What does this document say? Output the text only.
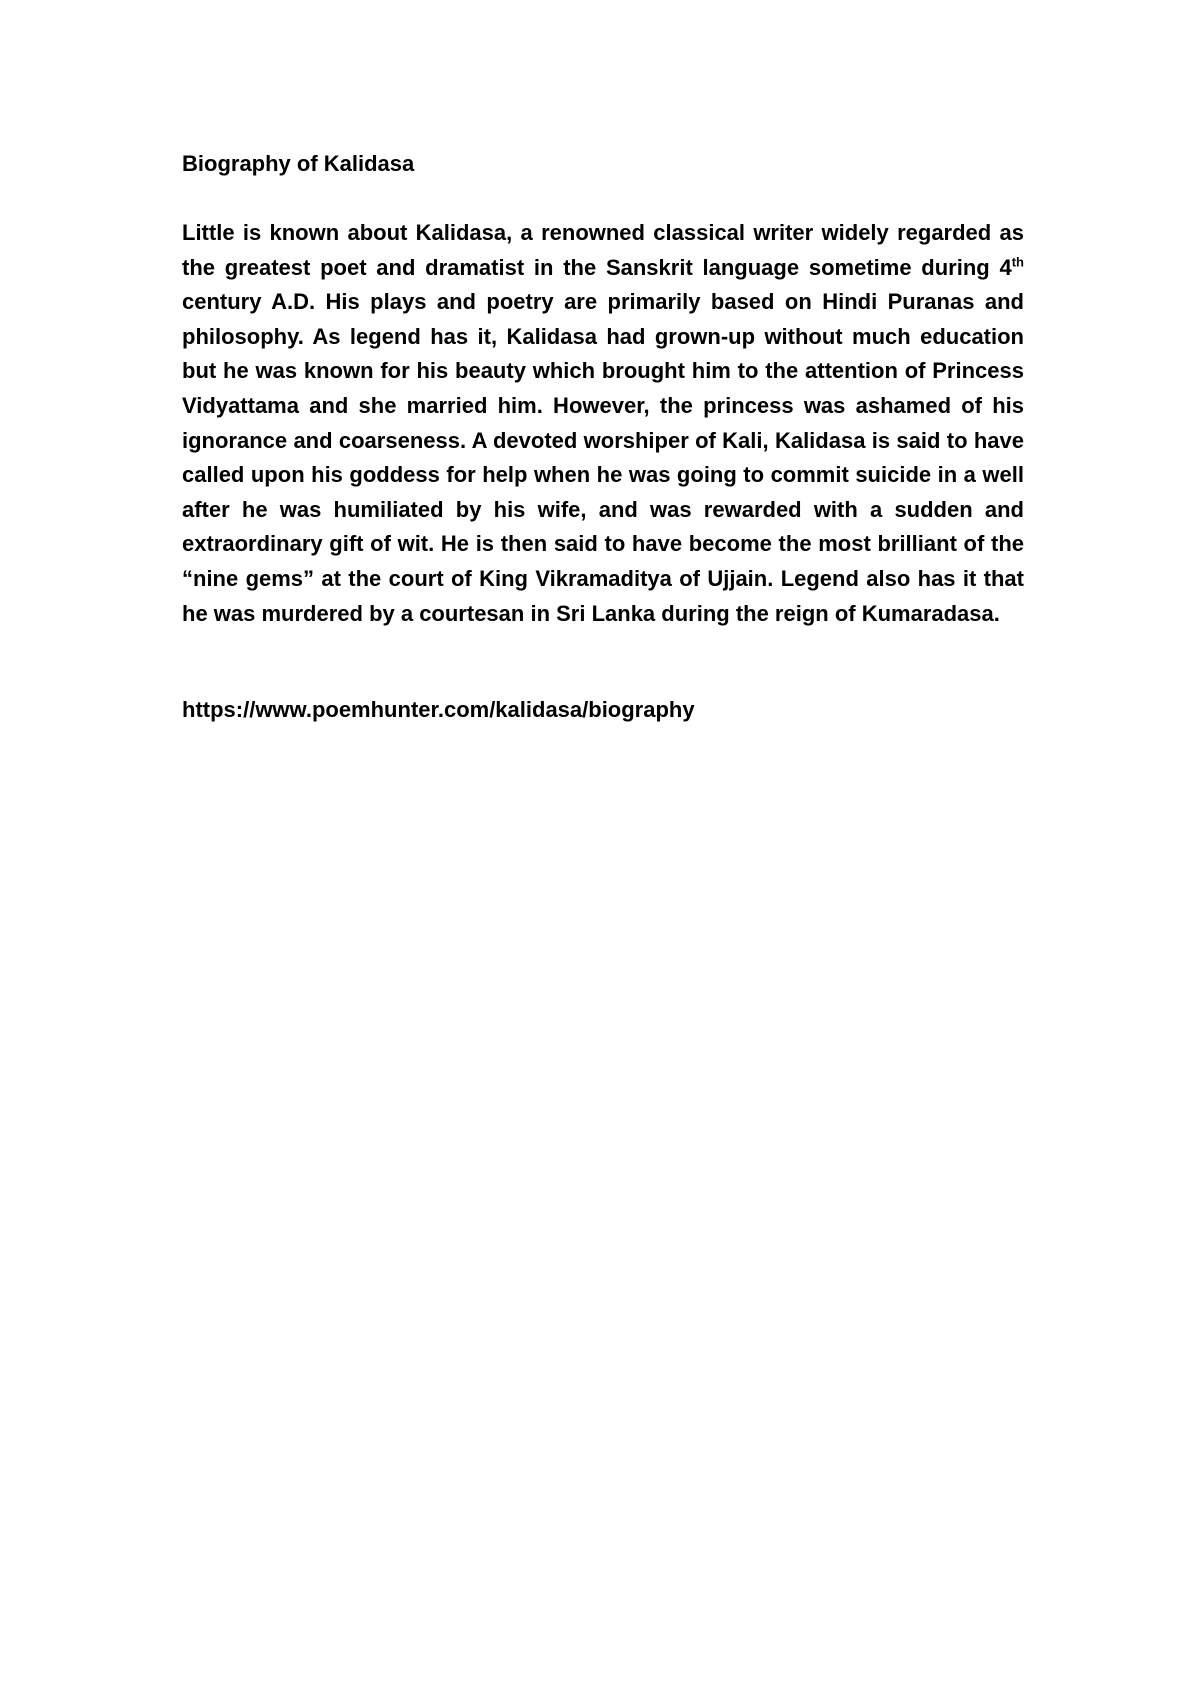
Biography of Kalidasa

Little is known about Kalidasa, a renowned classical writer widely regarded as the greatest poet and dramatist in the Sanskrit language sometime during 4th century A.D. His plays and poetry are primarily based on Hindi Puranas and philosophy. As legend has it, Kalidasa had grown-up without much education but he was known for his beauty which brought him to the attention of Princess Vidyattama and she married him. However, the princess was ashamed of his ignorance and coarseness. A devoted worshiper of Kali, Kalidasa is said to have called upon his goddess for help when he was going to commit suicide in a well after he was humiliated by his wife, and was rewarded with a sudden and extraordinary gift of wit. He is then said to have become the most brilliant of the “nine gems” at the court of King Vikramaditya of Ujjain. Legend also has it that he was murdered by a courtesan in Sri Lanka during the reign of Kumaradasa.

https://www.poemhunter.com/kalidasa/biography
